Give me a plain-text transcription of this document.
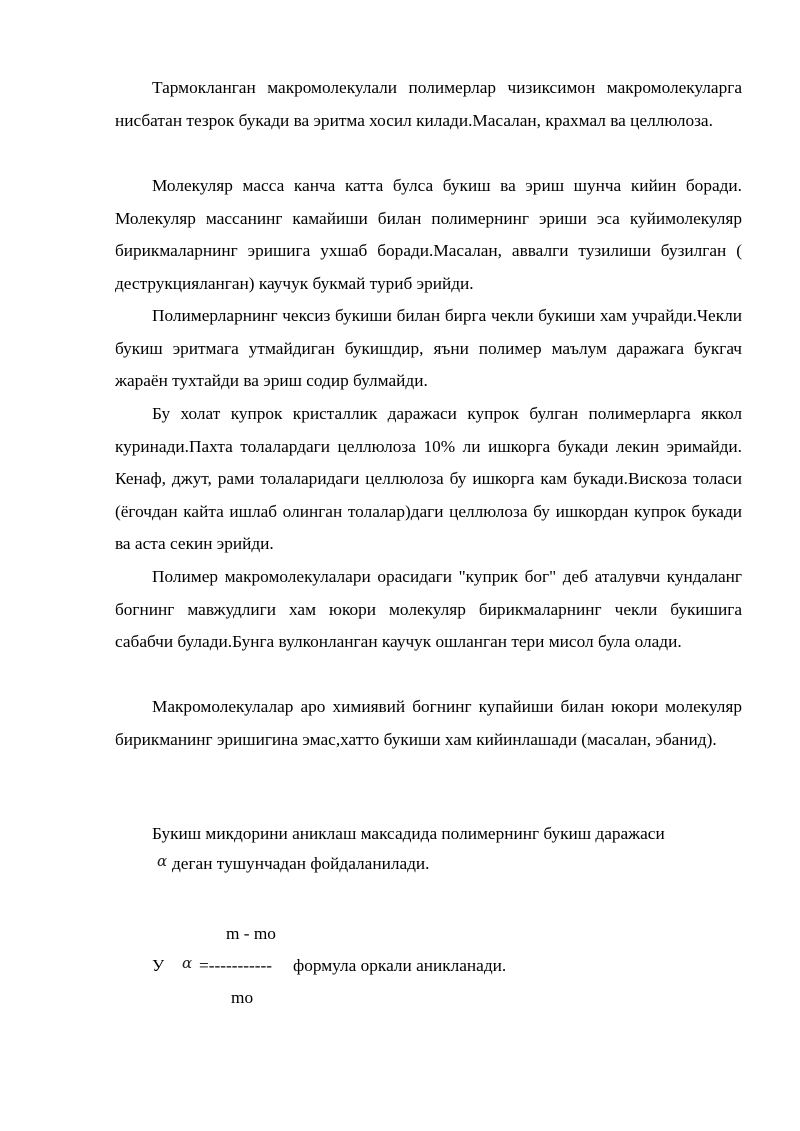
Тармокланган макромолекулали полимерлар чизиксимон макромолекуларга нисбатан тезрок букади ва эритма хосил килади.Масалан, крахмал ва целлюлоза.

Молекуляр масса канча катта булса букиш ва эриш шунча кийин боради. Молекуляр массанинг камайиши билан полимернинг эриши эса куйимолекуляр бирикмаларнинг эришига ухшаб боради.Масалан, аввалги тузилиши бузилган ( деструкцияланган) каучук букмай туриб эрийди.

Полимерларнинг чексиз букиши билан бирга чекли букиши хам учрайди.Чекли букиш эритмага утмайдиган букишдир, яъни полимер маълум даражага букгач жараён тухтайди ва эриш содир булмайди.

Бу холат купрок кристаллик даражаси купрок булган полимерларга яккол куринади.Пахта толалардаги целлюлоза 10% ли ишкорга букади лекин эримайди. Кенаф, джут, рами толаларидаги целлюлоза бу ишкорга кам букади.Вискоза толаси (ёгочдан кайта ишлаб олинган толалар)даги целлюлоза бу ишкордан купрок букади ва аста секин эрийди.

Полимер макромолекулалари орасидаги "куприк бог" деб аталувчи кундаланг богнинг мавжудлиги хам юкори молекуляр бирикмаларнинг чекли букишига сабабчи булади.Бунга вулконланган каучук ошланган тери мисол була олади.

Макромолекулалар аро химиявий богнинг купайиши билан юкори молекуляр бирикманинг эришигина эмас,хатто букиши хам кийинлашади (масалан, эбанид).

Букиш микдорини аниклаш максадида полимернинг букиш даражаси

α деган тушунчадан фойдаланилади.

m - mo
У α =----------- формула оркали аникланади.
mo
